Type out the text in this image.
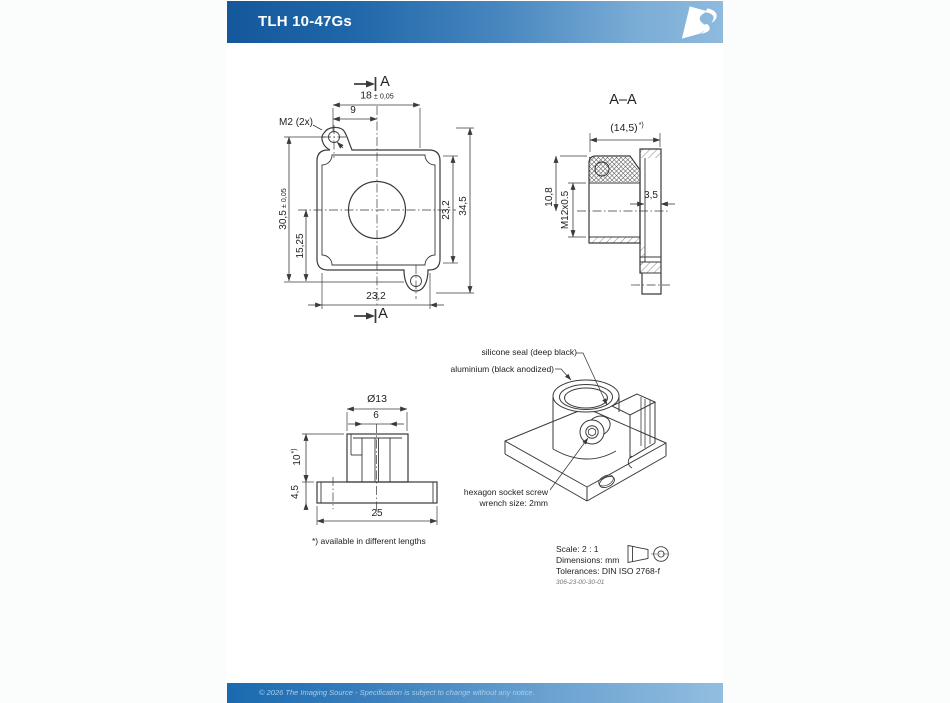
TLH 10-47Gs
A
18 ± 0,05
9
M2 (2x)
30,5± 0,05
15,25
23,2 34,5
23,2
A
A–A
(14,5)*)
10,8 M12x0.5	3,5
Ø13
6
10*)
4,5
25
*) available in different lengths
silicone seal (deep black)
aluminium (black anodized)
hexagon socket screw
wrench size: 2mm
Scale: 2 : 1
Dimensions: mm
Tolerances: DIN ISO 2768-f
306-23-00-30-01
© 2026 The Imaging Source - Specification is subject to change without any notice.
